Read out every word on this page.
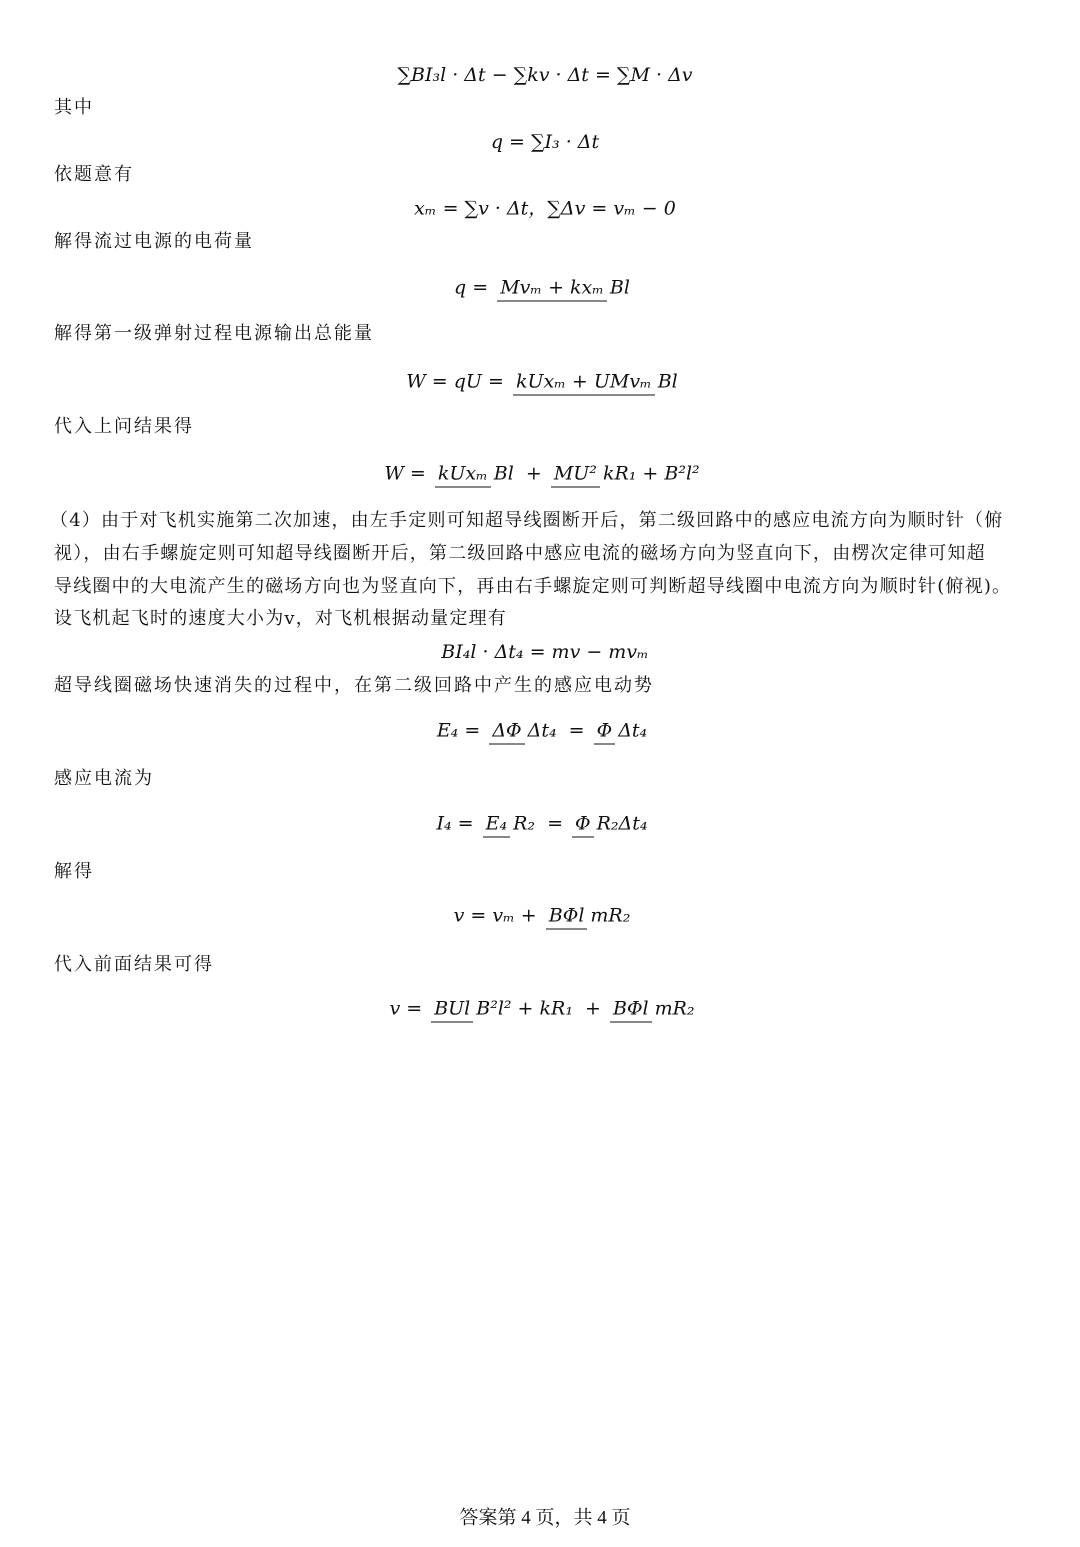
∑BI₃l · Δt − ∑kv · Δt = ∑M · Δv
其中
q = ∑I₃ · Δt
依题意有
xₘ = ∑v · Δt，∑Δv = vₘ − 0
解得流过电源的电荷量
q = Mvₘ + kxₘ Bl
解得第一级弹射过程电源输出总能量
W = qU = kUxₘ + UMvₘ Bl
代入上问结果得
W = kUxₘ Bl + MU² kR₁ + B²l²
（4）由于对飞机实施第二次加速，由左手定则可知超导线圈断开后，第二级回路中的感应电流方向为顺时针（俯
视），由右手螺旋定则可知超导线圈断开后，第二级回路中感应电流的磁场方向为竖直向下，由楞次定律可知超
导线圈中的大电流产生的磁场方向也为竖直向下，再由右手螺旋定则可判断超导线圈中电流方向为顺时针(俯视)。
设飞机起飞时的速度大小为v，对飞机根据动量定理有
BI₄l · Δt₄ = mv − mvₘ
超导线圈磁场快速消失的过程中，在第二级回路中产生的感应电动势
E₄ = ΔΦ Δt₄ = Φ Δt₄
感应电流为
I₄ = E₄ R₂ = Φ R₂Δt₄
解得
v = vₘ + BΦl mR₂
代入前面结果可得
v = BUl B²l² + kR₁ + BΦl mR₂
答案第 4 页，共 4 页
